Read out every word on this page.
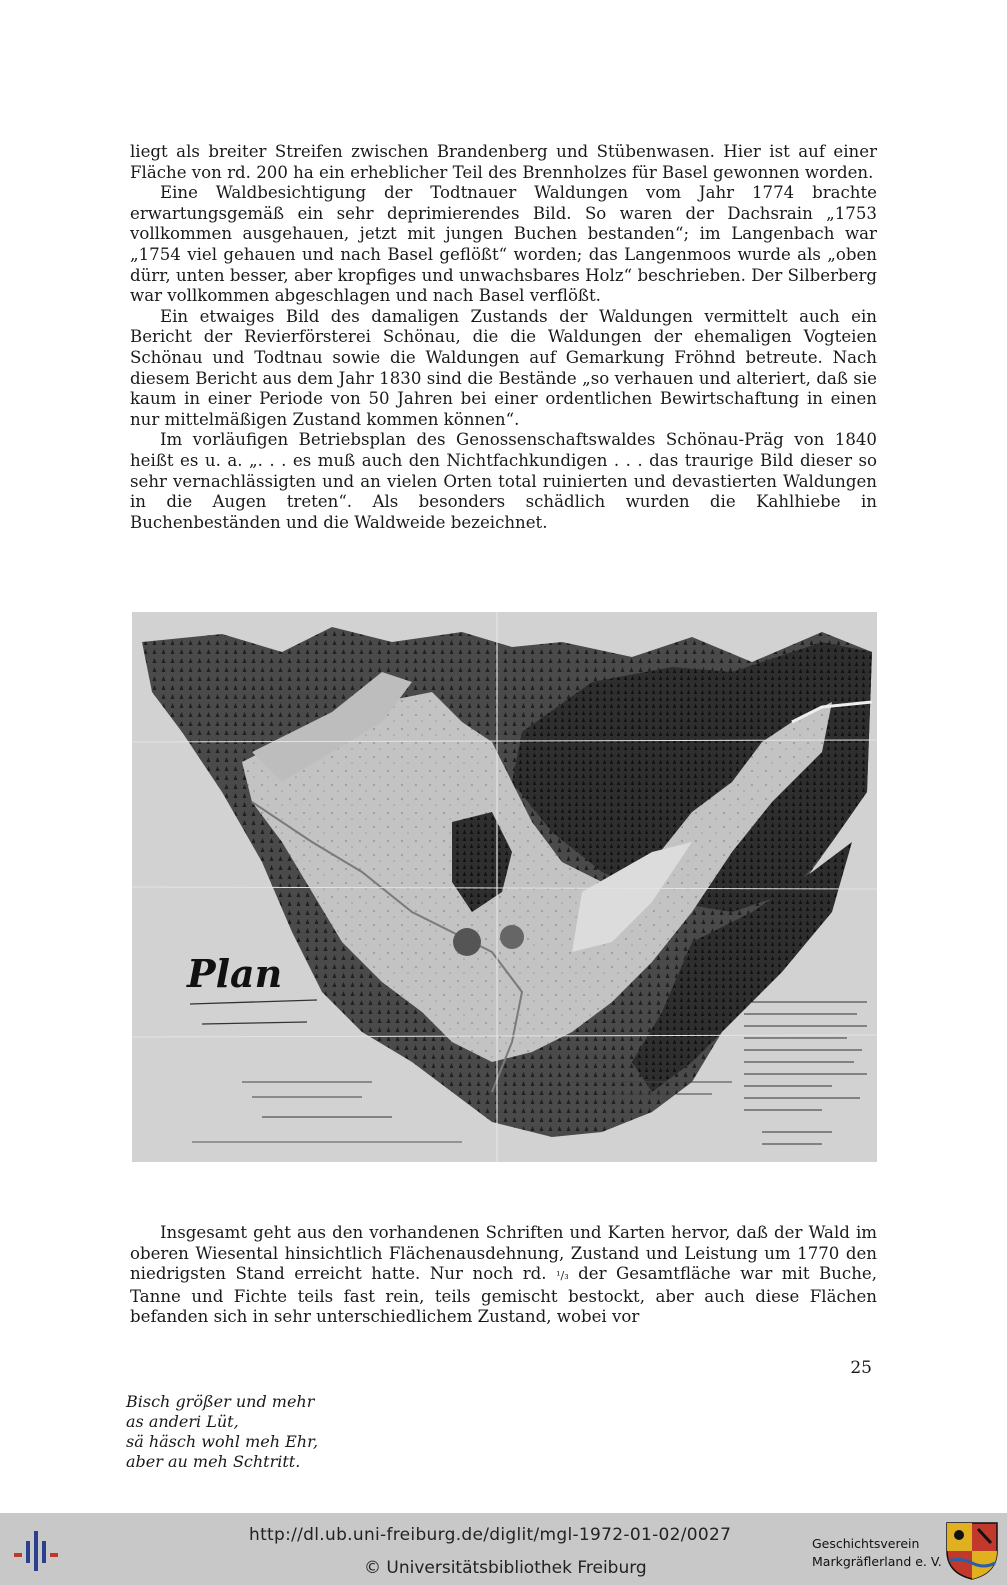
liegt als breiter Streifen zwischen Brandenberg und Stübenwasen. Hier ist auf einer Fläche von rd. 200 ha ein erheblicher Teil des Brennholzes für Basel gewonnen worden.

Eine Waldbesichtigung der Todtnauer Waldungen vom Jahr 1774 brachte erwartungsgemäß ein sehr deprimierendes Bild. So waren der Dachsrain „1753 vollkommen ausgehauen, jetzt mit jungen Buchen bestanden“; im Langenbach war „1754 viel gehauen und nach Basel geflößt“ worden; das Langenmoos wurde als „oben dürr, unten besser, aber kropfiges und unwachsbares Holz“ beschrieben. Der Silberberg war vollkommen abgeschlagen und nach Basel verflößt.

Ein etwaiges Bild des damaligen Zustands der Waldungen vermittelt auch ein Bericht der Revierförsterei Schönau, die die Waldungen der ehemaligen Vogteien Schönau und Todtnau sowie die Waldungen auf Gemarkung Fröhnd betreute. Nach diesem Bericht aus dem Jahr 1830 sind die Bestände „so verhauen und alteriert, daß sie kaum in einer Periode von 50 Jahren bei einer ordentlichen Bewirtschaftung in einen nur mittelmäßigen Zustand kommen können“.

Im vorläufigen Betriebsplan des Genossenschaftswaldes Schönau-Präg von 1840 heißt es u. a. „. . . es muß auch den Nichtfachkundigen . . . das traurige Bild dieser so sehr vernachlässigten und an vielen Orten total ruinierten und devastierten Waldungen in die Augen treten“. Als besonders schädlich wurden die Kahlhiebe in Buchenbeständen und die Waldweide bezeichnet.

Plan

Insgesamt geht aus den vorhandenen Schriften und Karten hervor, daß der Wald im oberen Wiesental hinsichtlich Flächenausdehnung, Zustand und Leistung um 1770 den niedrigsten Stand erreicht hatte. Nur noch rd. ¹/₃ der Gesamtfläche war mit Buche, Tanne und Fichte teils fast rein, teils gemischt bestockt, aber auch diese Flächen befanden sich in sehr unterschiedlichem Zustand, wobei vor

25
Bisch größer und mehr
as anderi Lüt,
sä häsch wohl meh Ehr,
aber au meh Schtritt.
http://dl.ub.uni-freiburg.de/diglit/mgl-1972-01-02/0027
© Universitätsbibliothek Freiburg
Geschichtsverein
Markgräflerland e. V.
